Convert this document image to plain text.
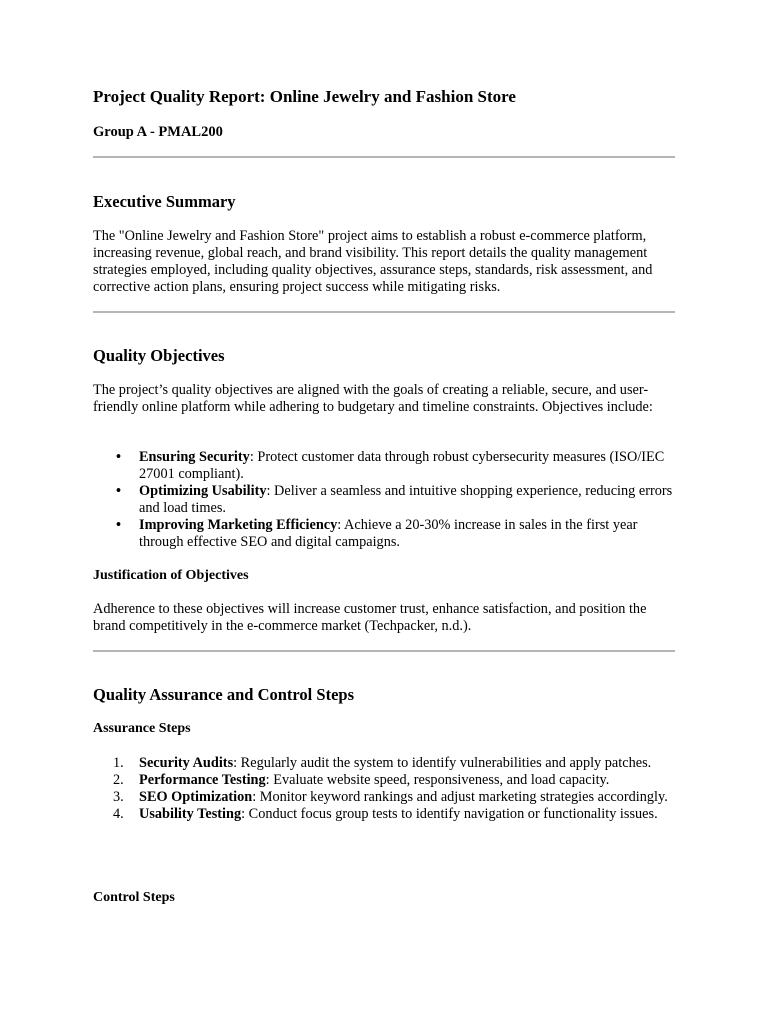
Project Quality Report: Online Jewelry and Fashion Store
Group A - PMAL200
Executive Summary

The "Online Jewelry and Fashion Store" project aims to establish a robust e-commerce platform, increasing revenue, global reach, and brand visibility. This report details the quality management strategies employed, including quality objectives, assurance steps, standards, risk assessment, and corrective action plans, ensuring project success while mitigating risks.

Quality Objectives

The project’s quality objectives are aligned with the goals of creating a reliable, secure, and user-friendly online platform while adhering to budgetary and timeline constraints. Objectives include:

• Ensuring Security: Protect customer data through robust cybersecurity measures (ISO/IEC 27001 compliant).
• Optimizing Usability: Deliver a seamless and intuitive shopping experience, reducing errors and load times.
• Improving Marketing Efficiency: Achieve a 20-30% increase in sales in the first year through effective SEO and digital campaigns.
Justification of Objectives

Adherence to these objectives will increase customer trust, enhance satisfaction, and position the brand competitively in the e-commerce market (Techpacker, n.d.).

Quality Assurance and Control Steps
Assurance Steps
1. Security Audits: Regularly audit the system to identify vulnerabilities and apply patches.
2. Performance Testing: Evaluate website speed, responsiveness, and load capacity.
3. SEO Optimization: Monitor keyword rankings and adjust marketing strategies accordingly.
4. Usability Testing: Conduct focus group tests to identify navigation or functionality issues.
Control Steps
